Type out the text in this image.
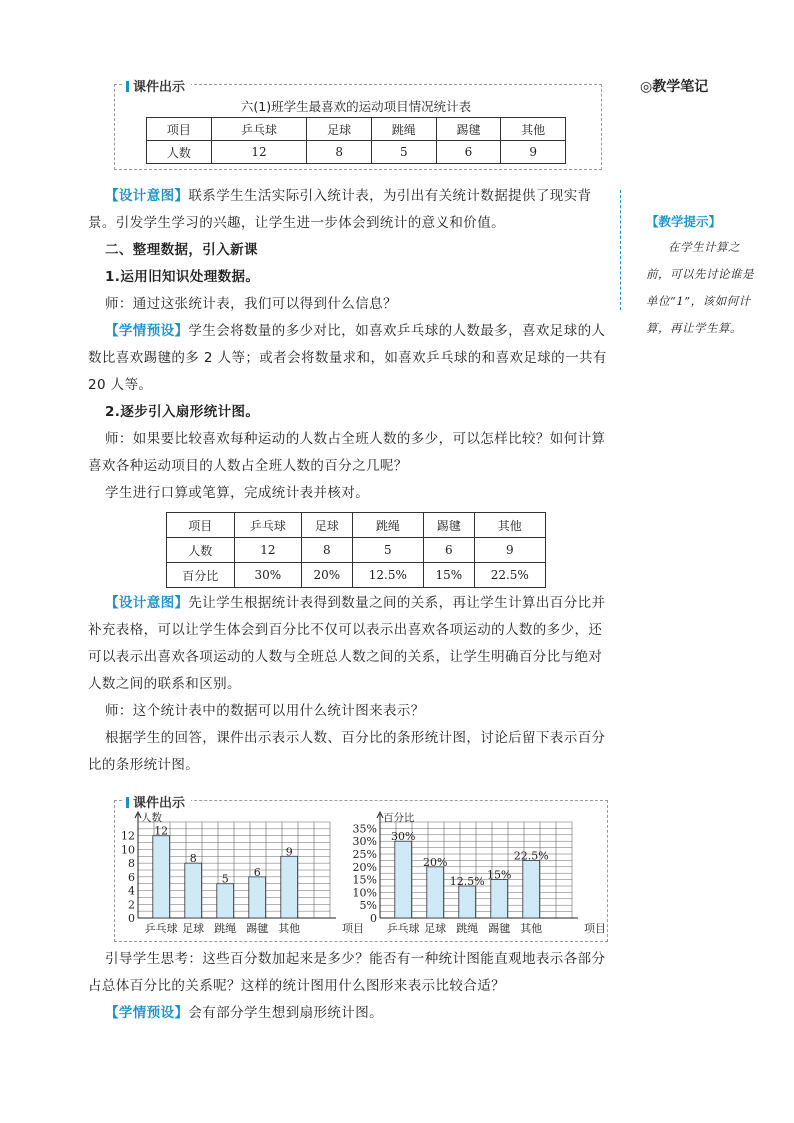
◎教学笔记
【教学提示】
在学生计算之前，可以先讨论谁是单位“1”，该如何计算，再让学生算。
课件出示
六(1)班学生最喜欢的运动项目情况统计表
项目	乒乓球	足球	跳绳	踢毽	其他
人数	12	8	5	6	9
【设计意图】联系学生生活实际引入统计表，为引出有关统计数据提供了现实背景。引发学生学习的兴趣，让学生进一步体会到统计的意义和价值。
二、整理数据，引入新课
1.运用旧知识处理数据。
师：通过这张统计表，我们可以得到什么信息？
【学情预设】学生会将数量的多少对比，如喜欢乒乓球的人数最多，喜欢足球的人数比喜欢踢毽的多 2 人等；或者会将数量求和，如喜欢乒乓球的和喜欢足球的一共有 20 人等。
2.逐步引入扇形统计图。
师：如果要比较喜欢每种运动的人数占全班人数的多少，可以怎样比较？如何计算喜欢各种运动项目的人数占全班人数的百分之几呢？
学生进行口算或笔算，完成统计表并核对。
项目	乒乓球	足球	跳绳	踢毽	其他
人数	12	8	5	6	9
百分比	30%	20%	12.5%	15%	22.5%
【设计意图】先让学生根据统计表得到数量之间的关系，再让学生计算出百分比并补充表格，可以让学生体会到百分比不仅可以表示出喜欢各项运动的人数的多少，还可以表示出喜欢各项运动的人数与全班总人数之间的关系，让学生明确百分比与绝对人数之间的联系和区别。
师：这个统计表中的数据可以用什么统计图来表示？
根据学生的回答，课件出示表示人数、百分比的条形统计图，讨论后留下表示百分比的条形统计图。
课件出示
人数
0
2
4
6
8
10
12 12
乒乓球
8
足球
5
跳绳
6
踢毽
9
其他	项目
百分比
0
5%
10%
15%
20%
25%
30%
35%
30%
乒乓球
20%
足球
12.5%
跳绳
15%
踢毽
22.5%
其他	项目
引导学生思考：这些百分数加起来是多少？能否有一种统计图能直观地表示各部分占总体百分比的关系呢？这样的统计图用什么图形来表示比较合适？
【学情预设】会有部分学生想到扇形统计图。
